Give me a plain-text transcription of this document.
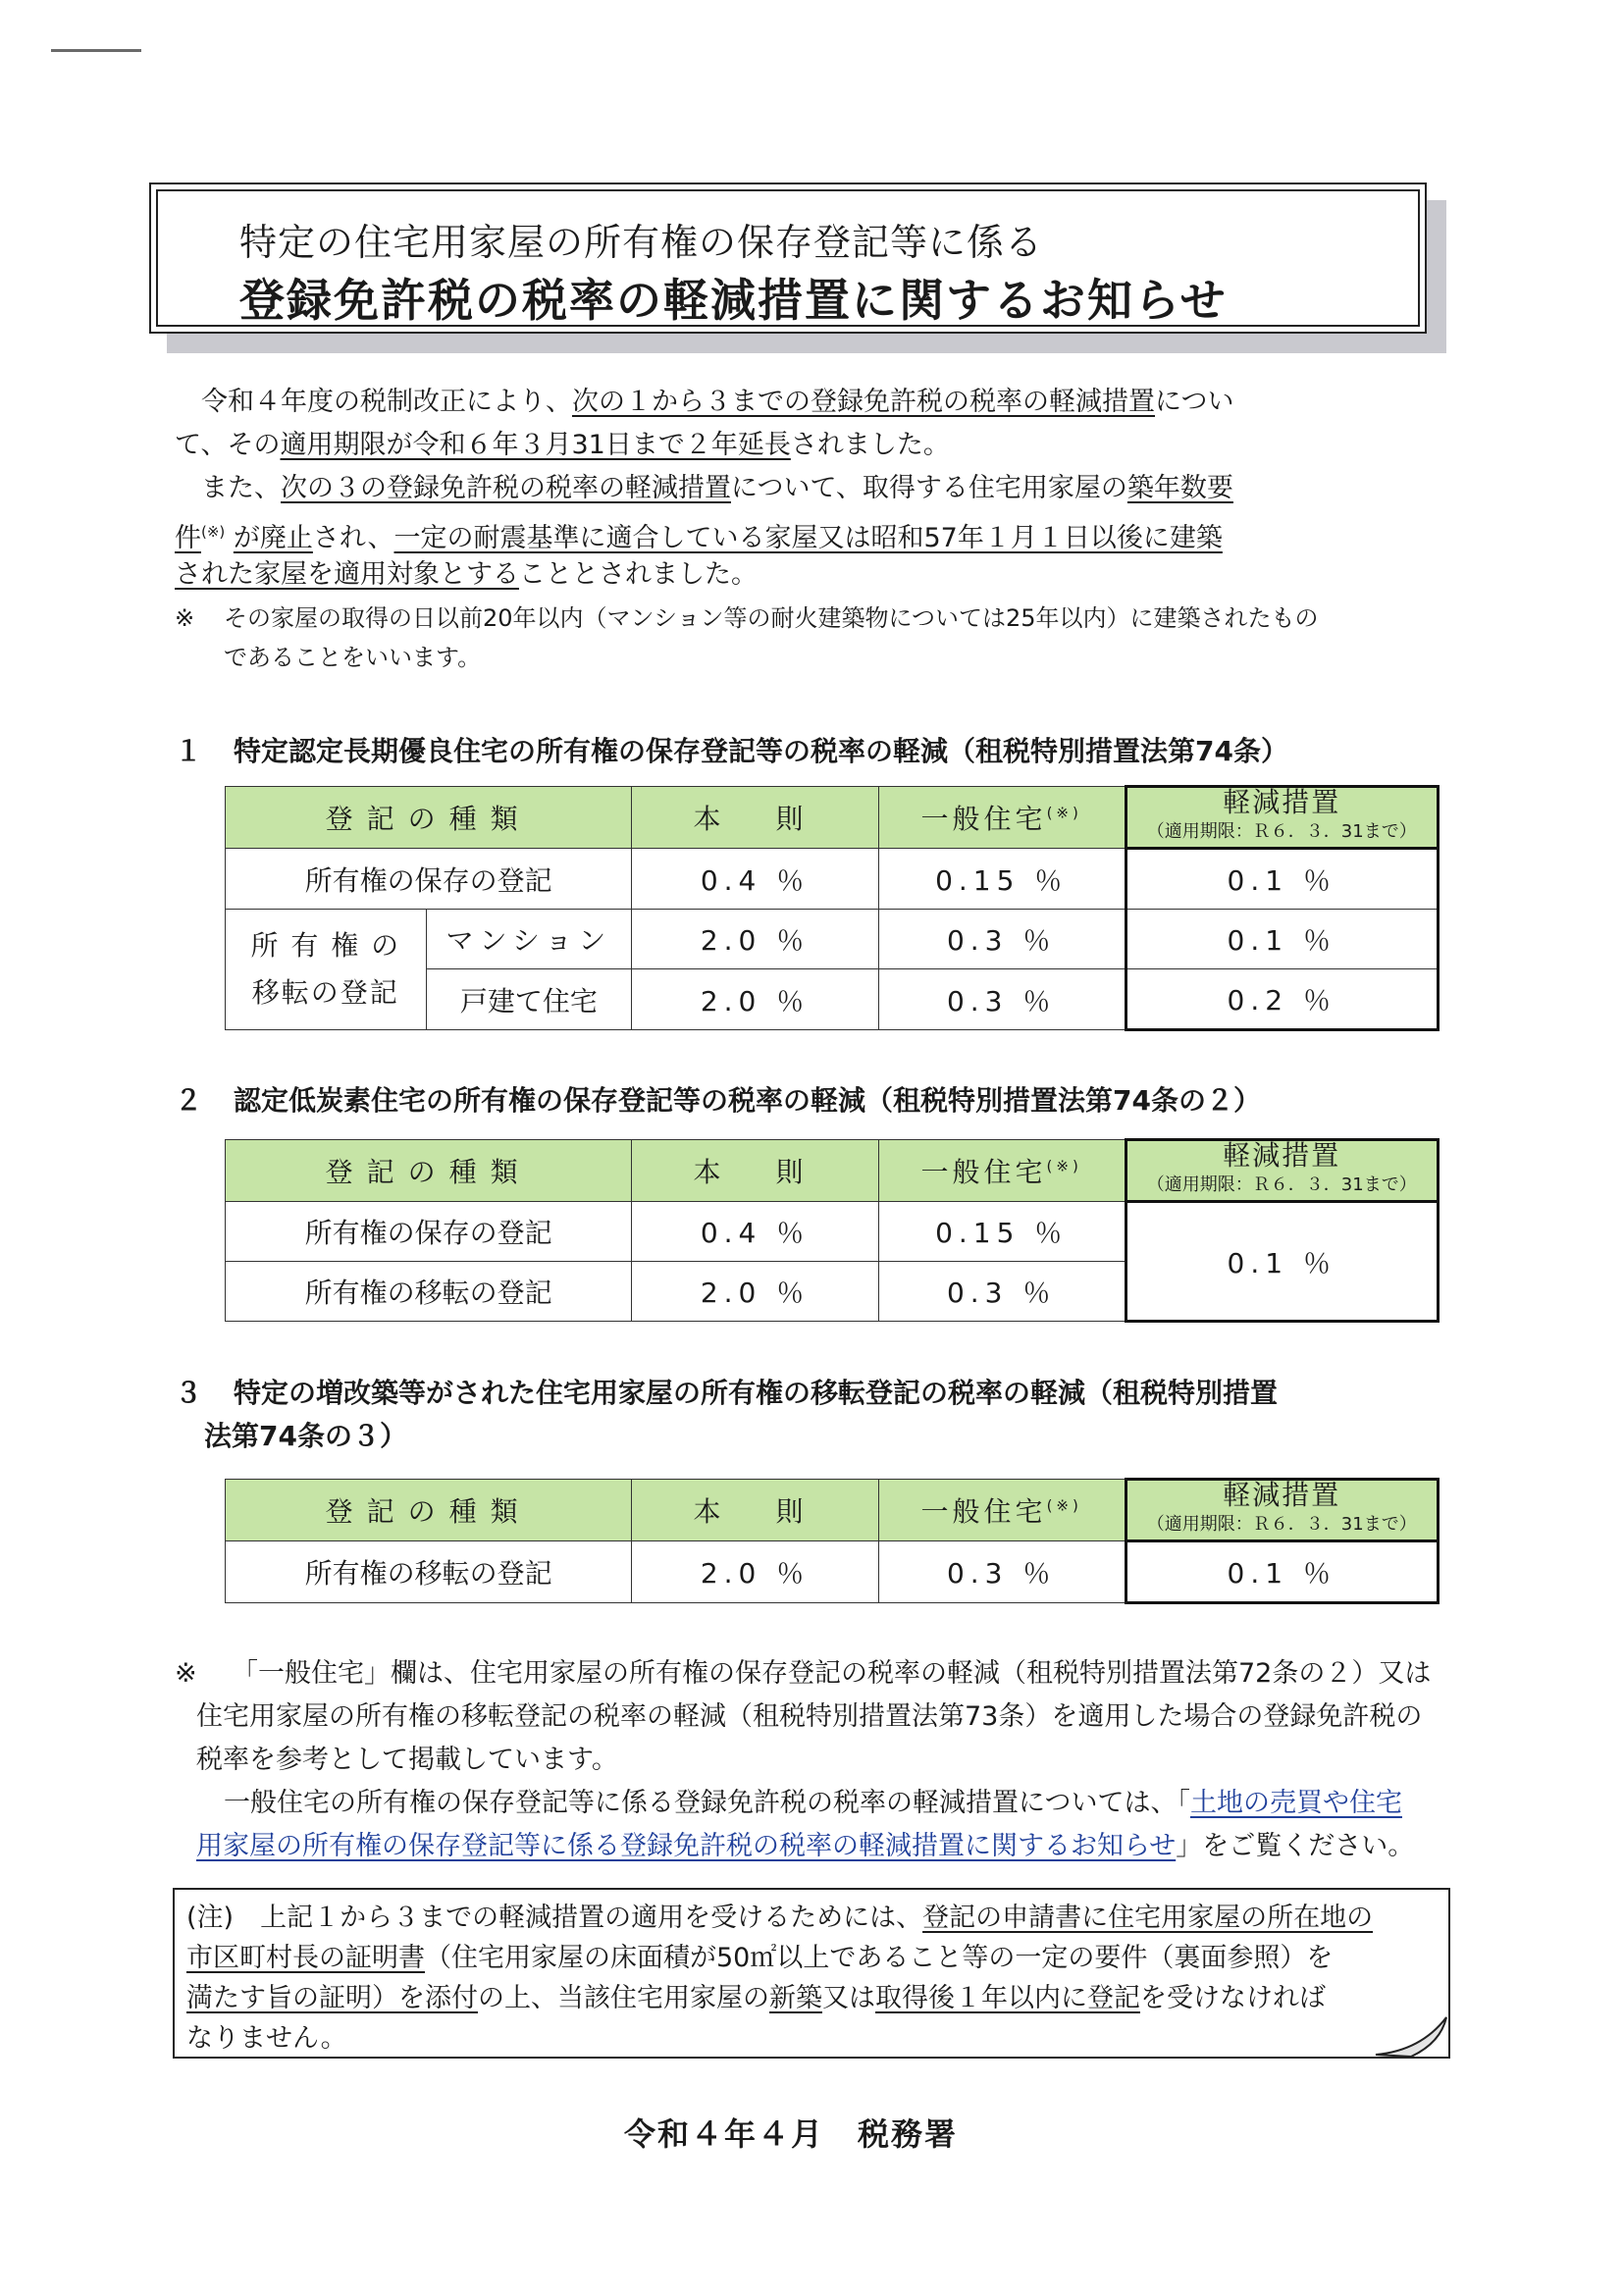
特定の住宅用家屋の所有権の保存登記等に係る
登録免許税の税率の軽減措置に関するお知らせ

令和４年度の税制改正により、次の１から３までの登録免許税の税率の軽減措置につい

て、その適用期限が令和６年３月31日まで２年延長されました。

また、次の３の登録免許税の税率の軽減措置について、取得する住宅用家屋の築年数要

件(※) が廃止され、一定の耐震基準に適合している家屋又は昭和57年１月１日以後に建築

された家屋を適用対象とすることとされました。

※ その家屋の取得の日以前20年以内（マンション等の耐火建築物については25年以内）に建築されたもの
であることをいいます。
１ 特定認定長期優良住宅の所有権の保存登記等の税率の軽減（租税特別措置法第74条）
登記の種類		本　則	一般住宅(※)	軽減措置
（適用期限：Ｒ６．３．31まで）

所有権の保存の登記		0.4 ％	0.15 ％	0.1 ％

所 有 権 の
移転の登記	マンション	2.0 ％	0.3 ％	0.1 ％
	戸建て住宅	2.0 ％	0.3 ％	0.2 ％
２ 認定低炭素住宅の所有権の保存登記等の税率の軽減（租税特別措置法第74条の２）
登記の種類	本　則	一般住宅(※)	軽減措置
（適用期限：Ｒ６．３．31まで）

所有権の保存の登記	0.4 ％	0.15 ％	0.1 ％
所有権の移転の登記	2.0 ％	0.3 ％	
３ 特定の増改築等がされた住宅用家屋の所有権の移転登記の税率の軽減（租税特別措置
法第74条の３）
登記の種類	本　則	一般住宅(※)	軽減措置
（適用期限：Ｒ６．３．31まで）

所有権の移転の登記	2.0 ％	0.3 ％	0.1 ％
※ 「一般住宅」欄は、住宅用家屋の所有権の保存登記の税率の軽減（租税特別措置法第72条の２）又は
住宅用家屋の所有権の移転登記の税率の軽減（租税特別措置法第73条）を適用した場合の登録免許税の
税率を参考として掲載しています。
一般住宅の所有権の保存登記等に係る登録免許税の税率の軽減措置については、「土地の売買や住宅
用家屋の所有権の保存登記等に係る登録免許税の税率の軽減措置に関するお知らせ」をご覧ください。
(注)　 上記１から３までの軽減措置の適用を受けるためには、登記の申請書に住宅用家屋の所在地の
市区町村長の証明書（住宅用家屋の床面積が50㎡以上であること等の一定の要件（裏面参照）を
満たす旨の証明）を添付の上、当該住宅用家屋の新築又は取得後１年以内に登記を受けなければ
なりません。
令和４年４月　 税務署
